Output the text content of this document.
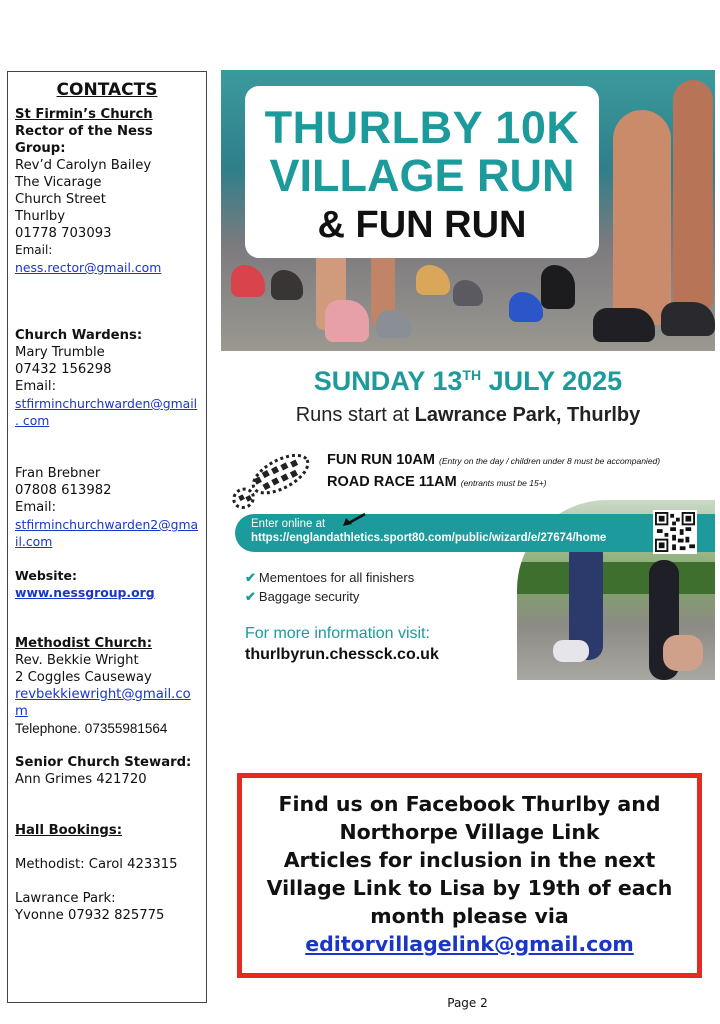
CONTACTS
St Firmin’s Church
Rector of the Ness
Group:
Rev’d Carolyn Bailey
The Vicarage
Church Street
Thurlby
01778 703093
Email:
ness.rector@gmail.com
Church Wardens:
Mary Trumble
07432 156298
Email:
stfirminchurchwarden@gmail . com
Fran Brebner
07808 613982
Email:
stfirminchurchwarden2@gmail.com
Website:
www.nessgroup.org
Methodist Church:
Rev. Bekkie Wright
2 Coggles Causeway
revbekkiewright@gmail.com
Telephone. 07355981564
Senior Church Steward:
Ann Grimes 421720
Hall Bookings:
Methodist: Carol 423315
Lawrance Park:
Yvonne 07932 825775
THURLBY 10K
VILLAGE RUN
& FUN RUN
SUNDAY 13TH JULY 2025
Runs start at Lawrance Park, Thurlby
FUN RUN 10AM (Entry on the day / children under 8 must be accompanied)
ROAD RACE 11AM (entrants must be 15+)
Enter online at
https://englandathletics.sport80.com/public/wizard/e/27674/home
✔ Mementoes for all finishers
✔ Baggage security
For more information visit:
thurlbyrun.chessck.co.uk
Find us on Facebook Thurlby and
Northorpe Village Link
Articles for inclusion in the next
Village Link to Lisa by 19th of each
month please via
editorvillagelink@gmail.com
Page 2
